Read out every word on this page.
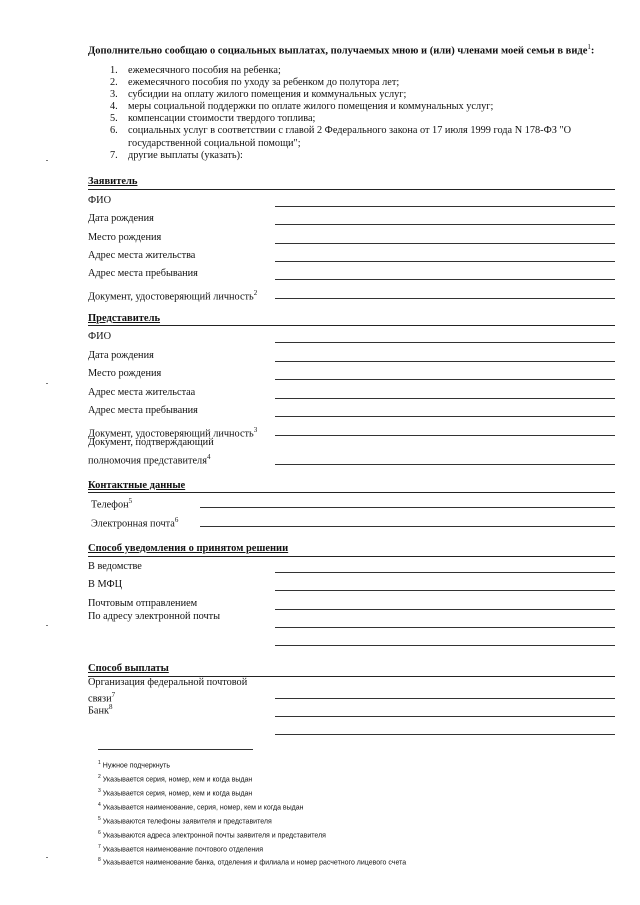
Дополнительно сообщаю о социальных выплатах, получаемых мною и (или) членами моей семьи в виде$^1$:
1. ежемесячного пособия на ребенка;
2. ежемесячного пособия по уходу за ребенком до полутора лет;
3. субсидии на оплату жилого помещения и коммунальных услуг;
4. меры социальной поддержки по оплате жилого помещения и коммунальных услуг;
5. компенсации стоимости твердого топлива;
6. социальных услуг в соответствии с главой 2 Федерального закона от 17 июля 1999 года N 178-ФЗ "О государственной социальной помощи";
7. другие выплаты (указать):
Заявитель
ФИО
Дата рождения
Место рождения
Адрес места жительства
Адрес места пребывания
Документ, удостоверяющий личность$^2$
Представитель
ФИО
Дата рождения
Место рождения
Адрес места жительстaa
Адрес места пребывания
Документ, удостоверяющий личность$^3$
Документ, подтверждающий
полномочия представителя$^4$
Контактные данные
Телефон$^5$
Электронная почта$^6$
Способ уведомления о принятом решении
В ведомстве
В МФЦ
Почтовым отправлением
По адресу электронной почты
Способ выплаты
Организация федеральной почтовой
связи$^7$
Банк$^8$
$^1$ Нужное подчеркнуть
$^2$ Указывается серия, номер, кем и когда выдан
$^3$ Указывается серия, номер, кем и когда выдан
$^4$ Указывается наименование, серия, номер, кем и когда выдан
$^5$ Указываются телефоны заявителя и представителя
$^6$ Указываются адреса электронной почты заявителя и представителя
$^7$ Указывается наименование почтового отделения
$^8$ Указывается наименование банка, отделения и филиала и номер расчетного лицевого счета
